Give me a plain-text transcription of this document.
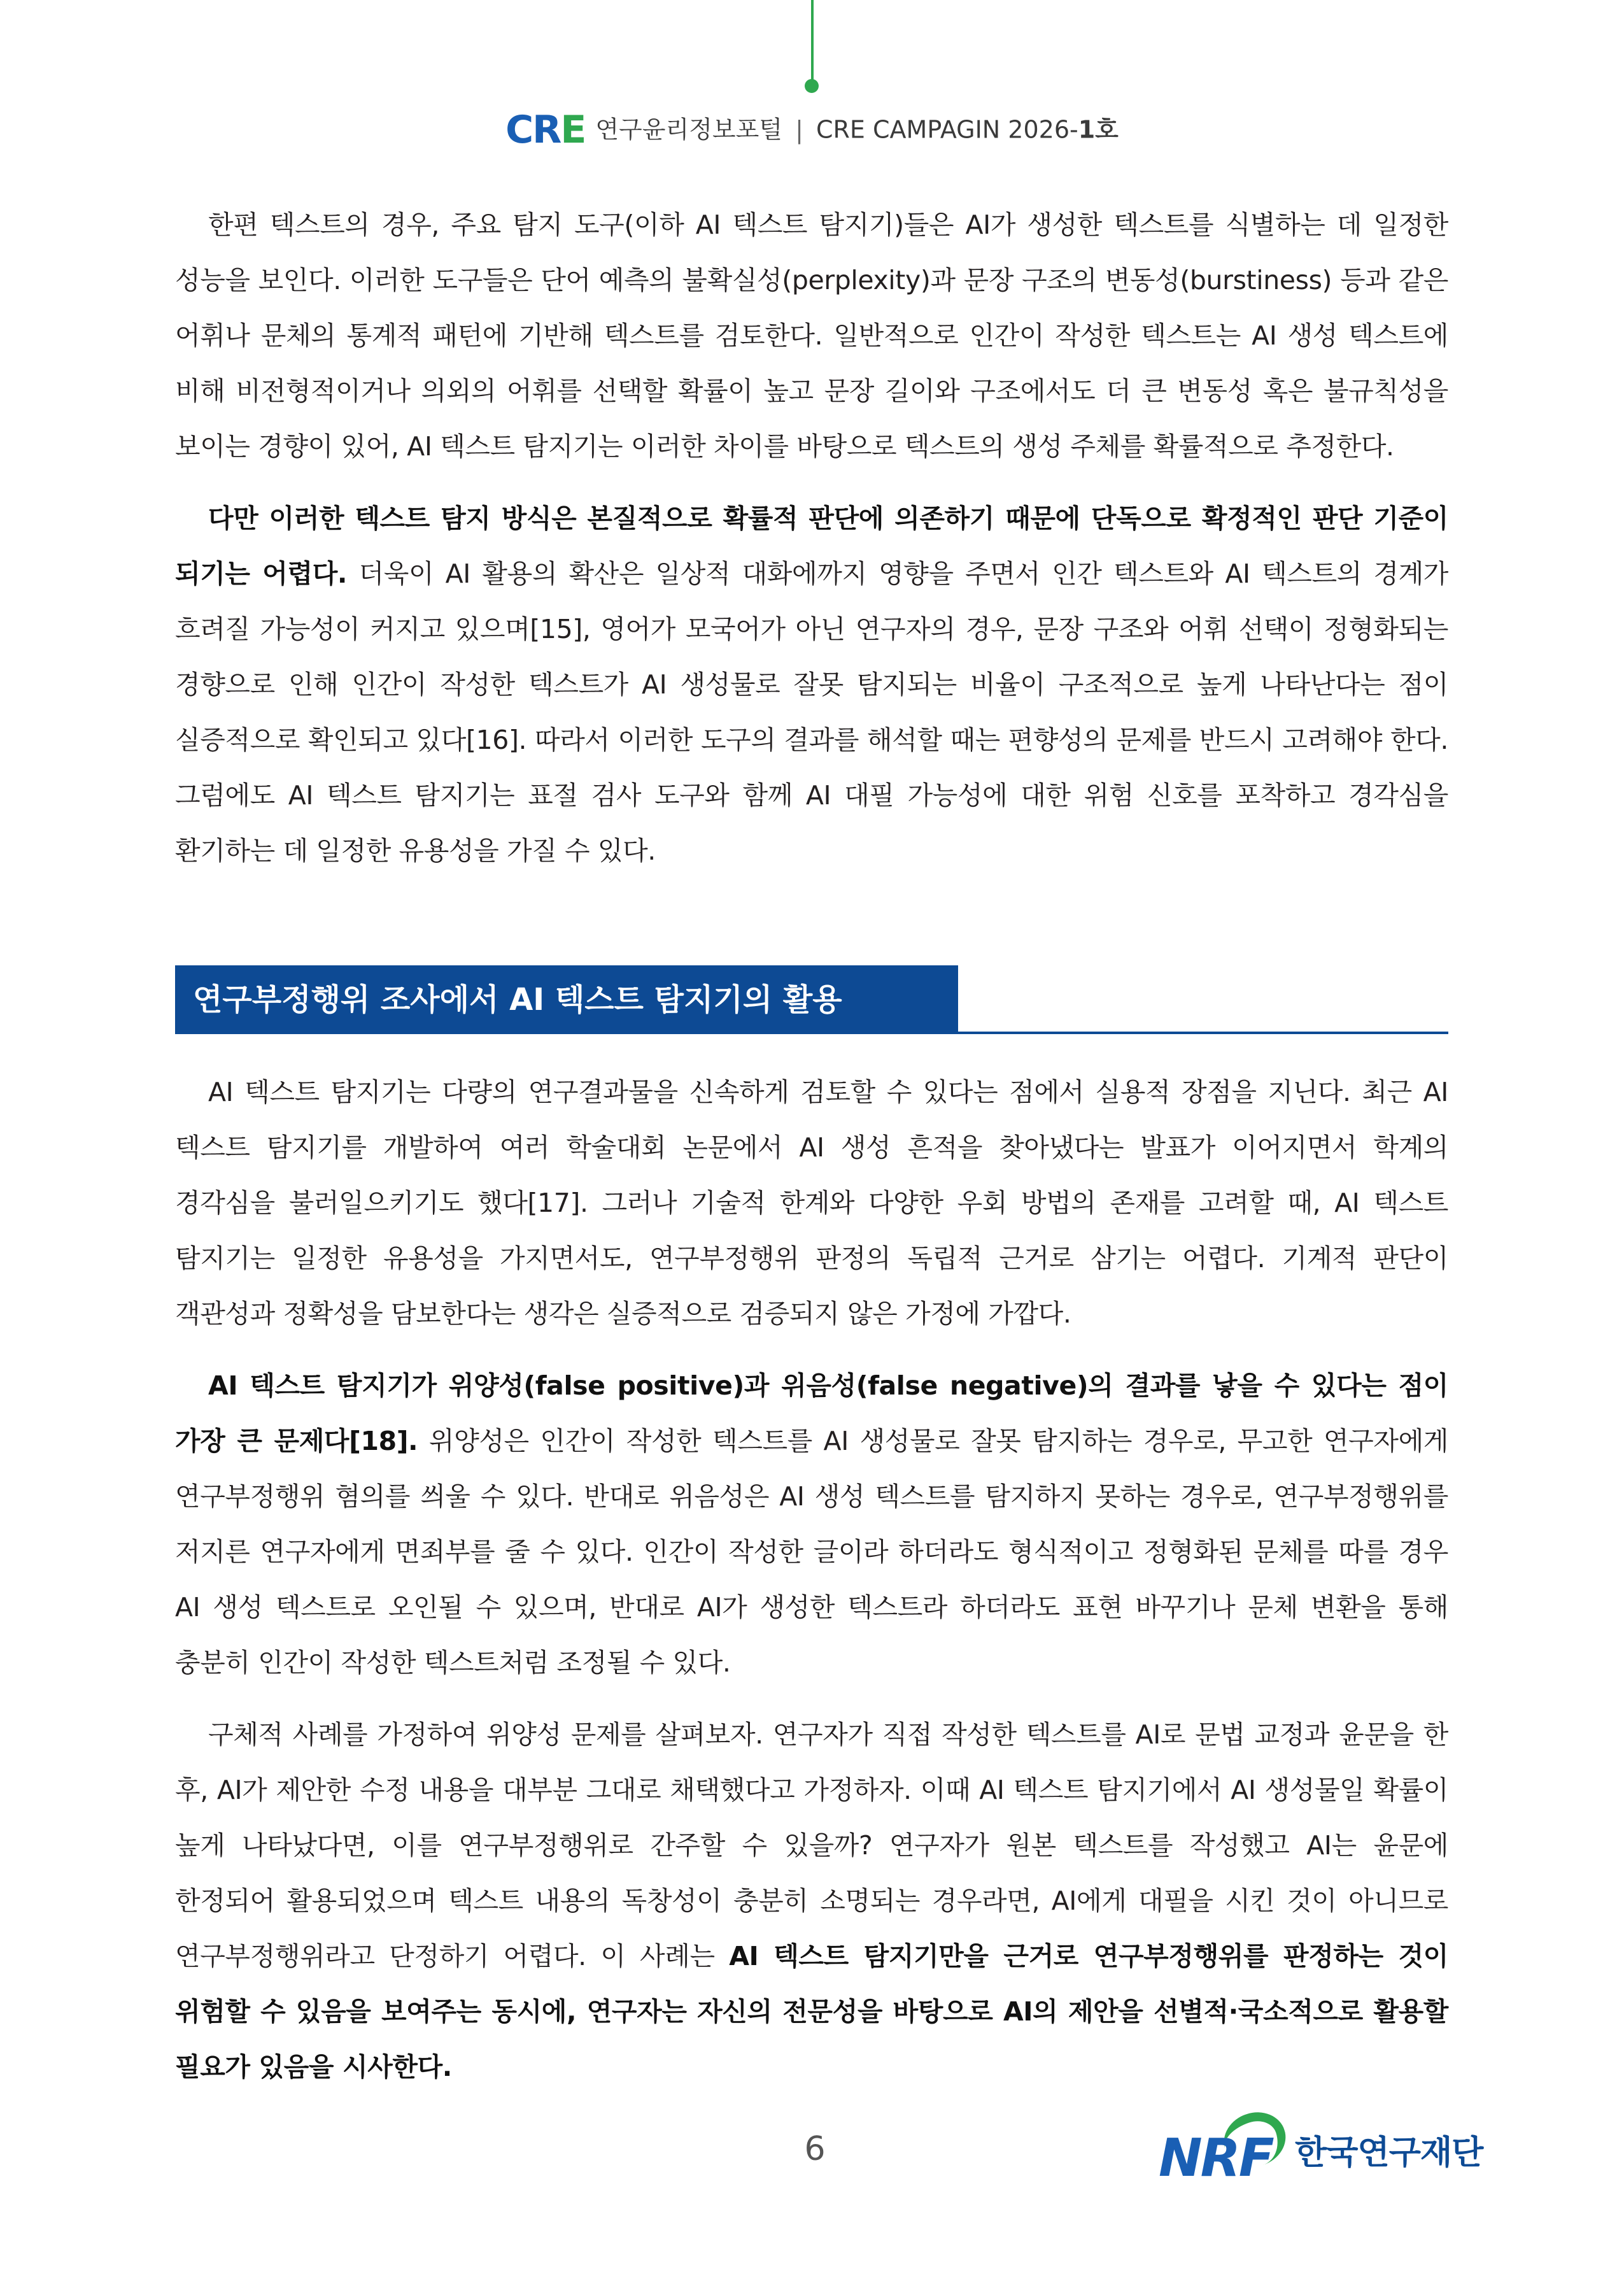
CRE 연구윤리정보포털 | CRE CAMPAGIN 2026-1호

한편 텍스트의 경우, 주요 탐지 도구(이하 AI 텍스트 탐지기)들은 AI가 생성한 텍스트를 식별하는 데 일정한 성능을 보인다. 이러한 도구들은 단어 예측의 불확실성(perplexity)과 문장 구조의 변동성(burstiness) 등과 같은 어휘나 문체의 통계적 패턴에 기반해 텍스트를 검토한다. 일반적으로 인간이 작성한 텍스트는 AI 생성 텍스트에 비해 비전형적이거나 의외의 어휘를 선택할 확률이 높고 문장 길이와 구조에서도 더 큰 변동성 혹은 불규칙성을 보이는 경향이 있어, AI 텍스트 탐지기는 이러한 차이를 바탕으로 텍스트의 생성 주체를 확률적으로 추정한다.

다만 이러한 텍스트 탐지 방식은 본질적으로 확률적 판단에 의존하기 때문에 단독으로 확정적인 판단 기준이 되기는 어렵다. 더욱이 AI 활용의 확산은 일상적 대화에까지 영향을 주면서 인간 텍스트와 AI 텍스트의 경계가 흐려질 가능성이 커지고 있으며[15], 영어가 모국어가 아닌 연구자의 경우, 문장 구조와 어휘 선택이 정형화되는 경향으로 인해 인간이 작성한 텍스트가 AI 생성물로 잘못 탐지되는 비율이 구조적으로 높게 나타난다는 점이 실증적으로 확인되고 있다[16]. 따라서 이러한 도구의 결과를 해석할 때는 편향성의 문제를 반드시 고려해야 한다. 그럼에도 AI 텍스트 탐지기는 표절 검사 도구와 함께 AI 대필 가능성에 대한 위험 신호를 포착하고 경각심을 환기하는 데 일정한 유용성을 가질 수 있다.

연구부정행위 조사에서 AI 텍스트 탐지기의 활용

AI 텍스트 탐지기는 다량의 연구결과물을 신속하게 검토할 수 있다는 점에서 실용적 장점을 지닌다. 최근 AI 텍스트 탐지기를 개발하여 여러 학술대회 논문에서 AI 생성 흔적을 찾아냈다는 발표가 이어지면서 학계의 경각심을 불러일으키기도 했다[17]. 그러나 기술적 한계와 다양한 우회 방법의 존재를 고려할 때, AI 텍스트 탐지기는 일정한 유용성을 가지면서도, 연구부정행위 판정의 독립적 근거로 삼기는 어렵다. 기계적 판단이 객관성과 정확성을 담보한다는 생각은 실증적으로 검증되지 않은 가정에 가깝다.

AI 텍스트 탐지기가 위양성(false positive)과 위음성(false negative)의 결과를 낳을 수 있다는 점이 가장 큰 문제다[18]. 위양성은 인간이 작성한 텍스트를 AI 생성물로 잘못 탐지하는 경우로, 무고한 연구자에게 연구부정행위 혐의를 씌울 수 있다. 반대로 위음성은 AI 생성 텍스트를 탐지하지 못하는 경우로, 연구부정행위를 저지른 연구자에게 면죄부를 줄 수 있다. 인간이 작성한 글이라 하더라도 형식적이고 정형화된 문체를 따를 경우 AI 생성 텍스트로 오인될 수 있으며, 반대로 AI가 생성한 텍스트라 하더라도 표현 바꾸기나 문체 변환을 통해 충분히 인간이 작성한 텍스트처럼 조정될 수 있다.

구체적 사례를 가정하여 위양성 문제를 살펴보자. 연구자가 직접 작성한 텍스트를 AI로 문법 교정과 윤문을 한 후, AI가 제안한 수정 내용을 대부분 그대로 채택했다고 가정하자. 이때 AI 텍스트 탐지기에서 AI 생성물일 확률이 높게 나타났다면, 이를 연구부정행위로 간주할 수 있을까? 연구자가 원본 텍스트를 작성했고 AI는 윤문에 한정되어 활용되었으며 텍스트 내용의 독창성이 충분히 소명되는 경우라면, AI에게 대필을 시킨 것이 아니므로 연구부정행위라고 단정하기 어렵다. 이 사례는 AI 텍스트 탐지기만을 근거로 연구부정행위를 판정하는 것이 위험할 수 있음을 보여주는 동시에, 연구자는 자신의 전문성을 바탕으로 AI의 제안을 선별적·국소적으로 활용할 필요가 있음을 시사한다.

6	NRF 한국연구재단
